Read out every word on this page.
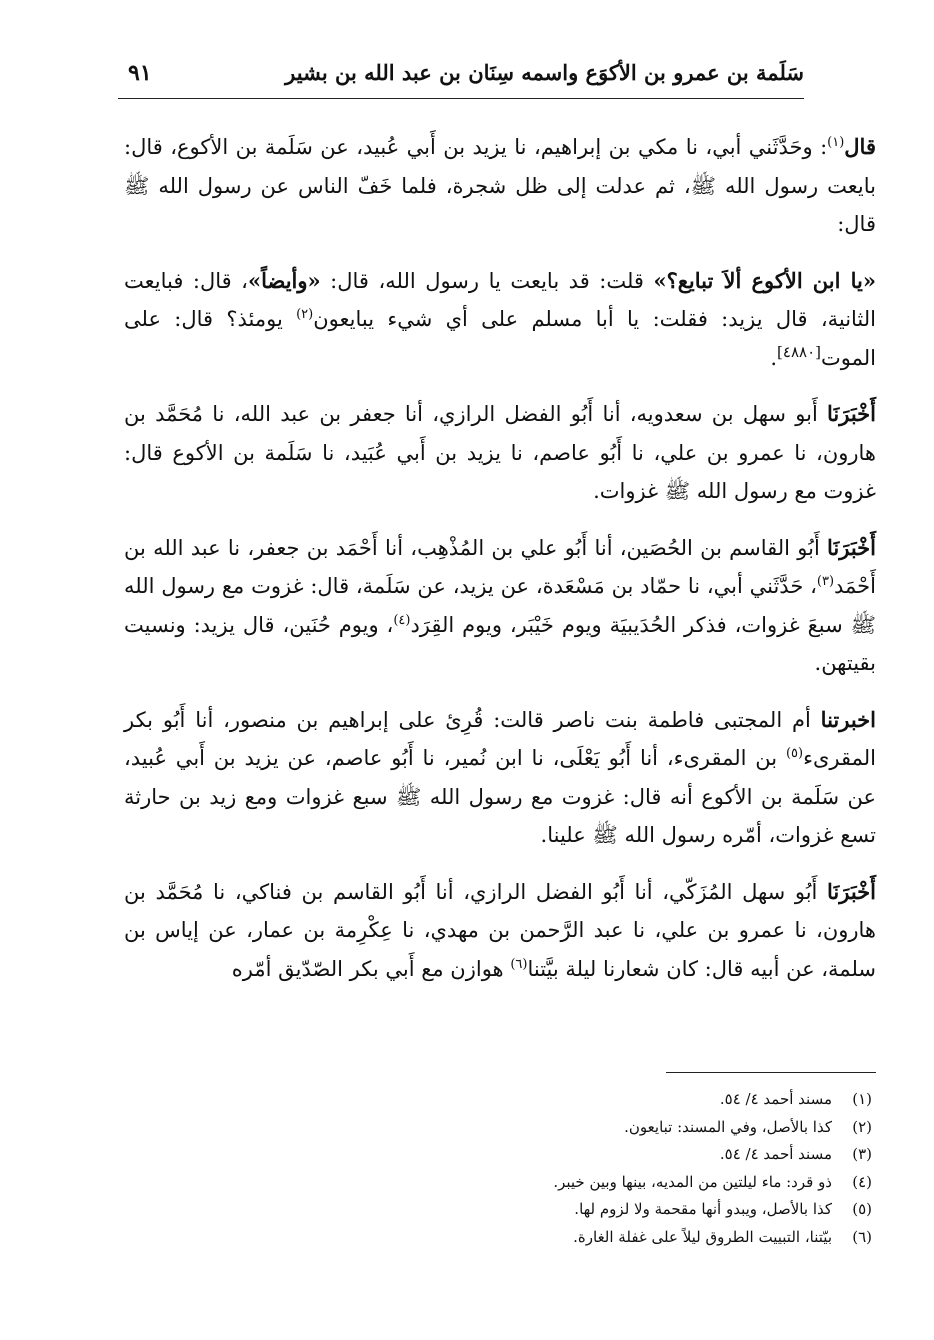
سَلَمة بن عمرو بن الأكوَع واسمه سِنَان بن عبد الله بن بشير
٩١

قال$^{(١)}$: وحَدَّثَني أبي، نا مكي بن إبراهيم، نا يزيد بن أَبي عُبيد، عن سَلَمة بن الأكوع، قال: بايعت رسول الله ﷺ، ثم عدلت إلى ظل شجرة، فلما خَفّ الناس عن رسول الله ﷺ قال:

«يا ابن الأكوع ألاَ تبايع؟» قلت: قد بايعت يا رسول الله، قال: «وأيضاً»، قال: فبايعت الثانية، قال يزيد: فقلت: يا أبا مسلم على أي شيء يبايعون$^{(٢)}$ يومئذ؟ قال: على الموت[٤٨٨٠].

أَخْبَرَنَا أَبو سهل بن سعدويه، أنا أَبُو الفضل الرازي، أنا جعفر بن عبد الله، نا مُحَمَّد بن هارون، نا عمرو بن علي، نا أَبُو عاصم، نا يزيد بن أَبي عُبَيد، نا سَلَمة بن الأكوع قال: غزوت مع رسول الله ﷺ غزوات.

أَخْبَرَنَا أَبُو القاسم بن الحُصَين، أنا أَبُو علي بن المُذْهِب، أنا أَحْمَد بن جعفر، نا عبد الله بن أَحْمَد$^{(٣)}$، حَدَّثَني أبي، نا حمّاد بن مَسْعَدة، عن يزيد، عن سَلَمة، قال: غزوت مع رسول الله ﷺ سبعَ غزوات، فذكر الحُدَيبيَة ويوم خَيْبَر، ويوم القِرَد$^{(٤)}$، ويوم حُنَين، قال يزيد: ونسيت بقيتهن.

اخبرتنا أم المجتبى فاطمة بنت ناصر قالت: قُرِئ على إبراهيم بن منصور، أنا أَبُو بكر المقرىء$^{(٥)}$ بن المقرىء، أنا أَبُو يَعْلَى، نا ابن نُمير، نا أَبُو عاصم، عن يزيد بن أَبي عُبيد، عن سَلَمة بن الأكوع أنه قال: غزوت مع رسول الله ﷺ سبع غزوات ومع زيد بن حارثة تسع غزوات، أمّره رسول الله ﷺ علينا.

أَخْبَرَنَا أَبُو سهل المُزَكّي، أنا أَبُو الفضل الرازي، أنا أَبُو القاسم بن فناكي، نا مُحَمَّد بن هارون، نا عمرو بن علي، نا عبد الرَّحمن بن مهدي، نا عِكْرِمة بن عمار، عن إياس بن سلمة، عن أبيه قال: كان شعارنا ليلة بيَّتنا$^{(٦)}$ هوازن مع أَبي بكر الصّدّيق أمّره

(١)مسند أحمد ٤/ ٥٤.
(٢)كذا بالأصل، وفي المسند: تبايعون.
(٣)مسند أحمد ٤/ ٥٤.
(٤)ذو قرد: ماء ليلتين من المديه، بينها وبين خيبر.
(٥)كذا بالأصل، ويبدو أنها مقحمة ولا لزوم لها.
(٦)بيّتنا، التبييت الطروق ليلاً على غفلة الغارة.
